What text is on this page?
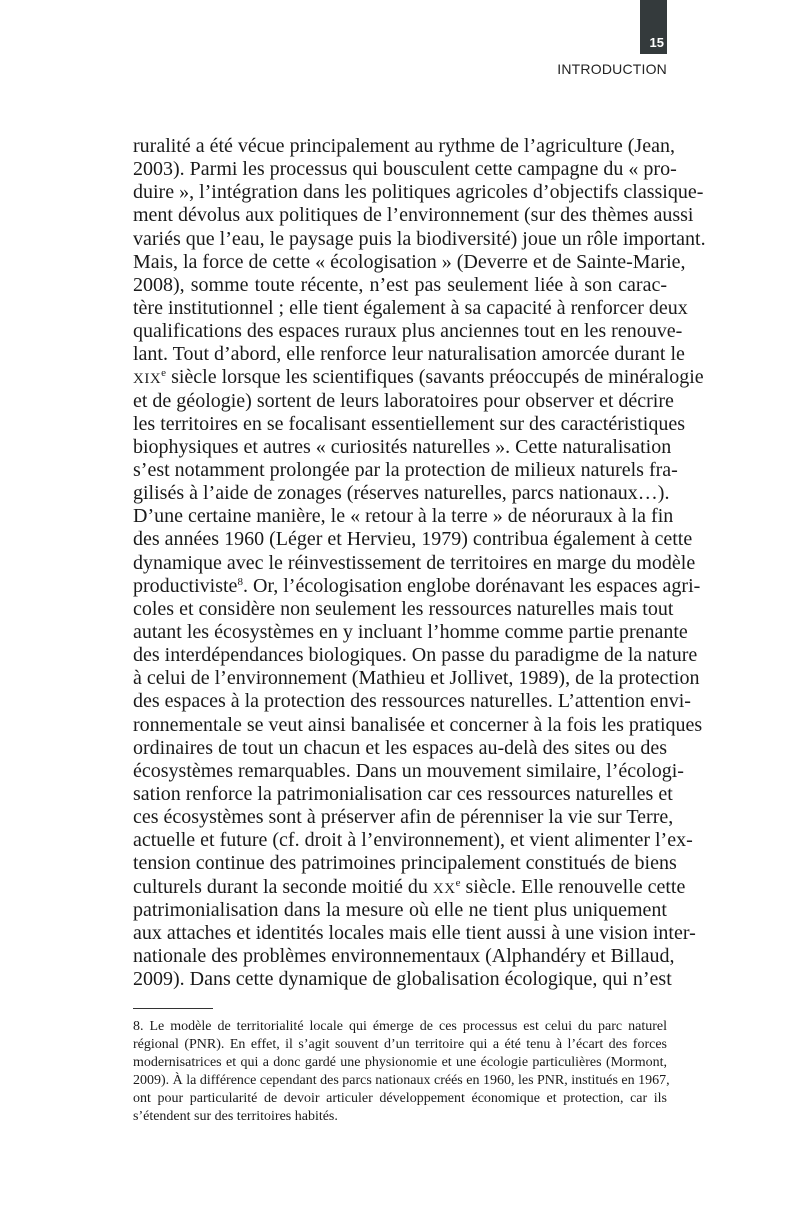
15
INTRODUCTION
ruralité a été vécue principalement au rythme de l’agriculture (Jean,
2003). Parmi les processus qui bousculent cette campagne du « pro-
duire », l’intégration dans les politiques agricoles d’objectifs classique-
ment dévolus aux politiques de l’environnement (sur des thèmes aussi
variés que l’eau, le paysage puis la biodiversité) joue un rôle important.
Mais, la force de cette « écologisation » (Deverre et de Sainte-Marie,
2008), somme toute récente, n’est pas seulement liée à son carac-
tère institutionnel ; elle tient également à sa capacité à renforcer deux
qualifications des espaces ruraux plus anciennes tout en les renouve-
lant. Tout d’abord, elle renforce leur naturalisation amorcée durant le
XIXe siècle lorsque les scientifiques (savants préoccupés de minéralogie
et de géologie) sortent de leurs laboratoires pour observer et décrire
les territoires en se focalisant essentiellement sur des caractéristiques
biophysiques et autres « curiosités naturelles ». Cette naturalisation
s’est notamment prolongée par la protection de milieux naturels fra-
gilisés à l’aide de zonages (réserves naturelles, parcs nationaux…).
D’une certaine manière, le « retour à la terre » de néoruraux à la fin
des années 1960 (Léger et Hervieu, 1979) contribua également à cette
dynamique avec le réinvestissement de territoires en marge du modèle
productiviste$^8$. Or, l’écologisation englobe dorénavant les espaces agri-
coles et considère non seulement les ressources naturelles mais tout
autant les écosystèmes en y incluant l’homme comme partie prenante
des interdépendances biologiques. On passe du paradigme de la nature
à celui de l’environnement (Mathieu et Jollivet, 1989), de la protection
des espaces à la protection des ressources naturelles. L’attention envi-
ronnementale se veut ainsi banalisée et concerner à la fois les pratiques
ordinaires de tout un chacun et les espaces au-delà des sites ou des
écosystèmes remarquables. Dans un mouvement similaire, l’écologi-
sation renforce la patrimonialisation car ces ressources naturelles et
ces écosystèmes sont à préserver afin de pérenniser la vie sur Terre,
actuelle et future (cf. droit à l’environnement), et vient alimenter l’ex-
tension continue des patrimoines principalement constitués de biens
culturels durant la seconde moitié du XXe siècle. Elle renouvelle cette
patrimonialisation dans la mesure où elle ne tient plus uniquement
aux attaches et identités locales mais elle tient aussi à une vision inter-
nationale des problèmes environnementaux (Alphandéry et Billaud,
2009). Dans cette dynamique de globalisation écologique, qui n’est
8. Le modèle de territorialité locale qui émerge de ces processus est celui du parc naturel
régional (PNR). En effet, il s’agit souvent d’un territoire qui a été tenu à l’écart des forces
modernisatrices et qui a donc gardé une physionomie et une écologie particulières (Mormont,
2009). À la différence cependant des parcs nationaux créés en 1960, les PNR, institués en 1967,
ont pour particularité de devoir articuler développement économique et protection, car ils
s’étendent sur des territoires habités.
